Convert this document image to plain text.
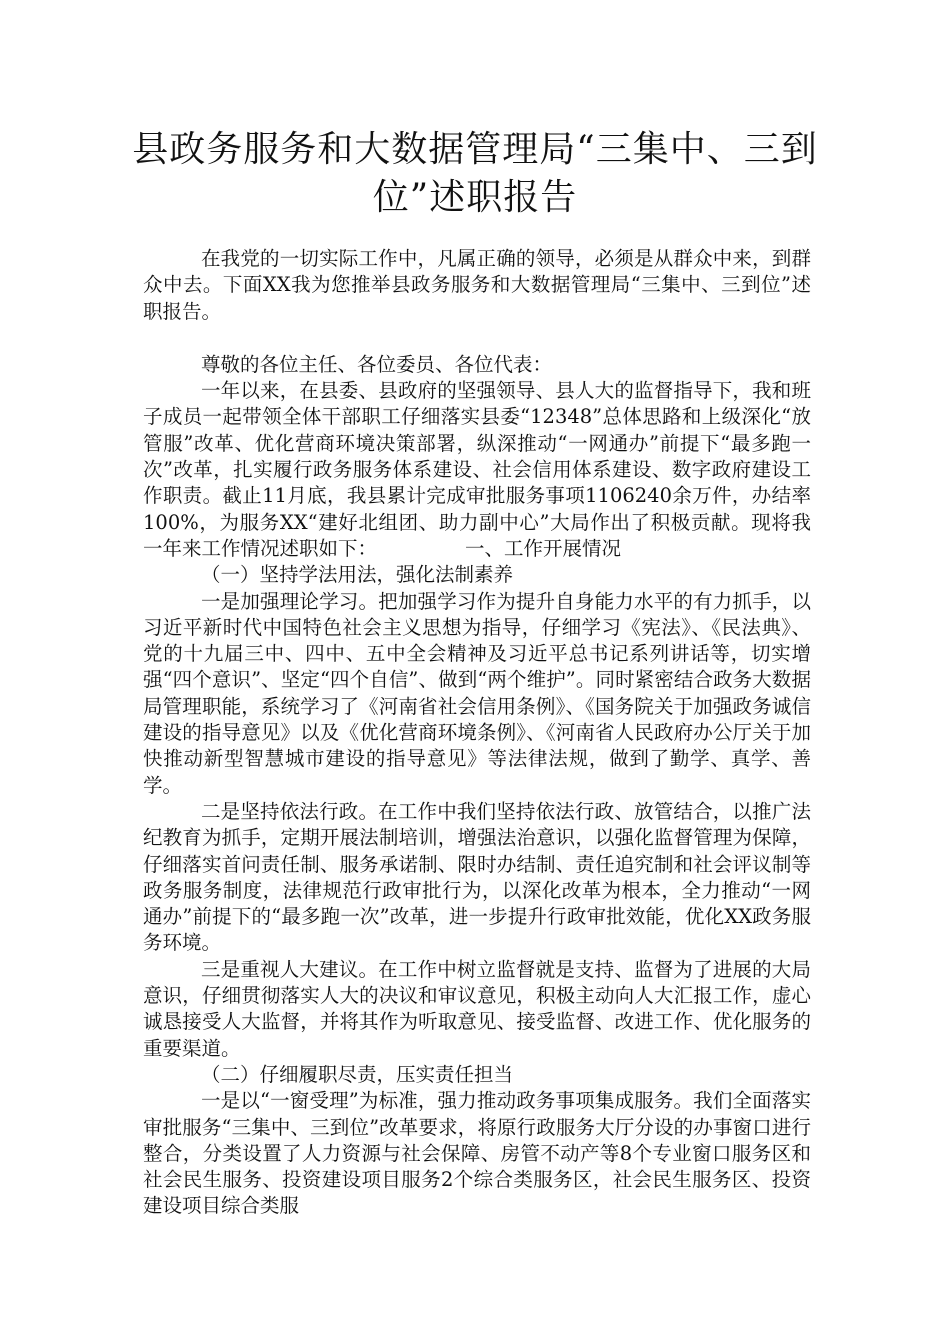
县政务服务和大数据管理局“三集中、三到位”述职报告

在我党的一切实际工作中，凡属正确的领导，必须是从群众中来，到群众中去。下面XX我为您推举县政务服务和大数据管理局“三集中、三到位”述职报告。

尊敬的各位主任、各位委员、各位代表：

一年以来，在县委、县政府的坚强领导、县人大的监督指导下，我和班子成员一起带领全体干部职工仔细落实县委“12348”总体思路和上级深化“放管服”改革、优化营商环境决策部署，纵深推动“一网通办”前提下“最多跑一次”改革，扎实履行政务服务体系建设、社会信用体系建设、数字政府建设工作职责。截止11月底，我县累计完成审批服务事项1106240余万件，办结率100%，为服务XX“建好北组团、助力副中心”大局作出了积极贡献。现将我一年来工作情况述职如下：	一、工作开展情况

（一）坚持学法用法，强化法制素养

一是加强理论学习。把加强学习作为提升自身能力水平的有力抓手，以习近平新时代中国特色社会主义思想为指导，仔细学习《宪法》、《民法典》、党的十九届三中、四中、五中全会精神及习近平总书记系列讲话等，切实增强“四个意识”、坚定“四个自信”、做到“两个维护”。同时紧密结合政务大数据局管理职能，系统学习了《河南省社会信用条例》、《国务院关于加强政务诚信建设的指导意见》以及《优化营商环境条例》、《河南省人民政府办公厅关于加快推动新型智慧城市建设的指导意见》等法律法规，做到了勤学、真学、善学。

二是坚持依法行政。在工作中我们坚持依法行政、放管结合，以推广法纪教育为抓手，定期开展法制培训，增强法治意识，以强化监督管理为保障，仔细落实首问责任制、服务承诺制、限时办结制、责任追究制和社会评议制等政务服务制度，法律规范行政审批行为，以深化改革为根本，全力推动“一网通办”前提下的“最多跑一次”改革，进一步提升行政审批效能，优化XX政务服务环境。

三是重视人大建议。在工作中树立监督就是支持、监督为了进展的大局意识，仔细贯彻落实人大的决议和审议意见，积极主动向人大汇报工作，虚心诚恳接受人大监督，并将其作为听取意见、接受监督、改进工作、优化服务的重要渠道。

（二）仔细履职尽责，压实责任担当

一是以“一窗受理”为标准，强力推动政务事项集成服务。我们全面落实审批服务“三集中、三到位”改革要求，将原行政服务大厅分设的办事窗口进行整合，分类设置了人力资源与社会保障、房管不动产等8个专业窗口服务区和社会民生服务、投资建设项目服务2个综合类服务区，社会民生服务区、投资建设项目综合类服
